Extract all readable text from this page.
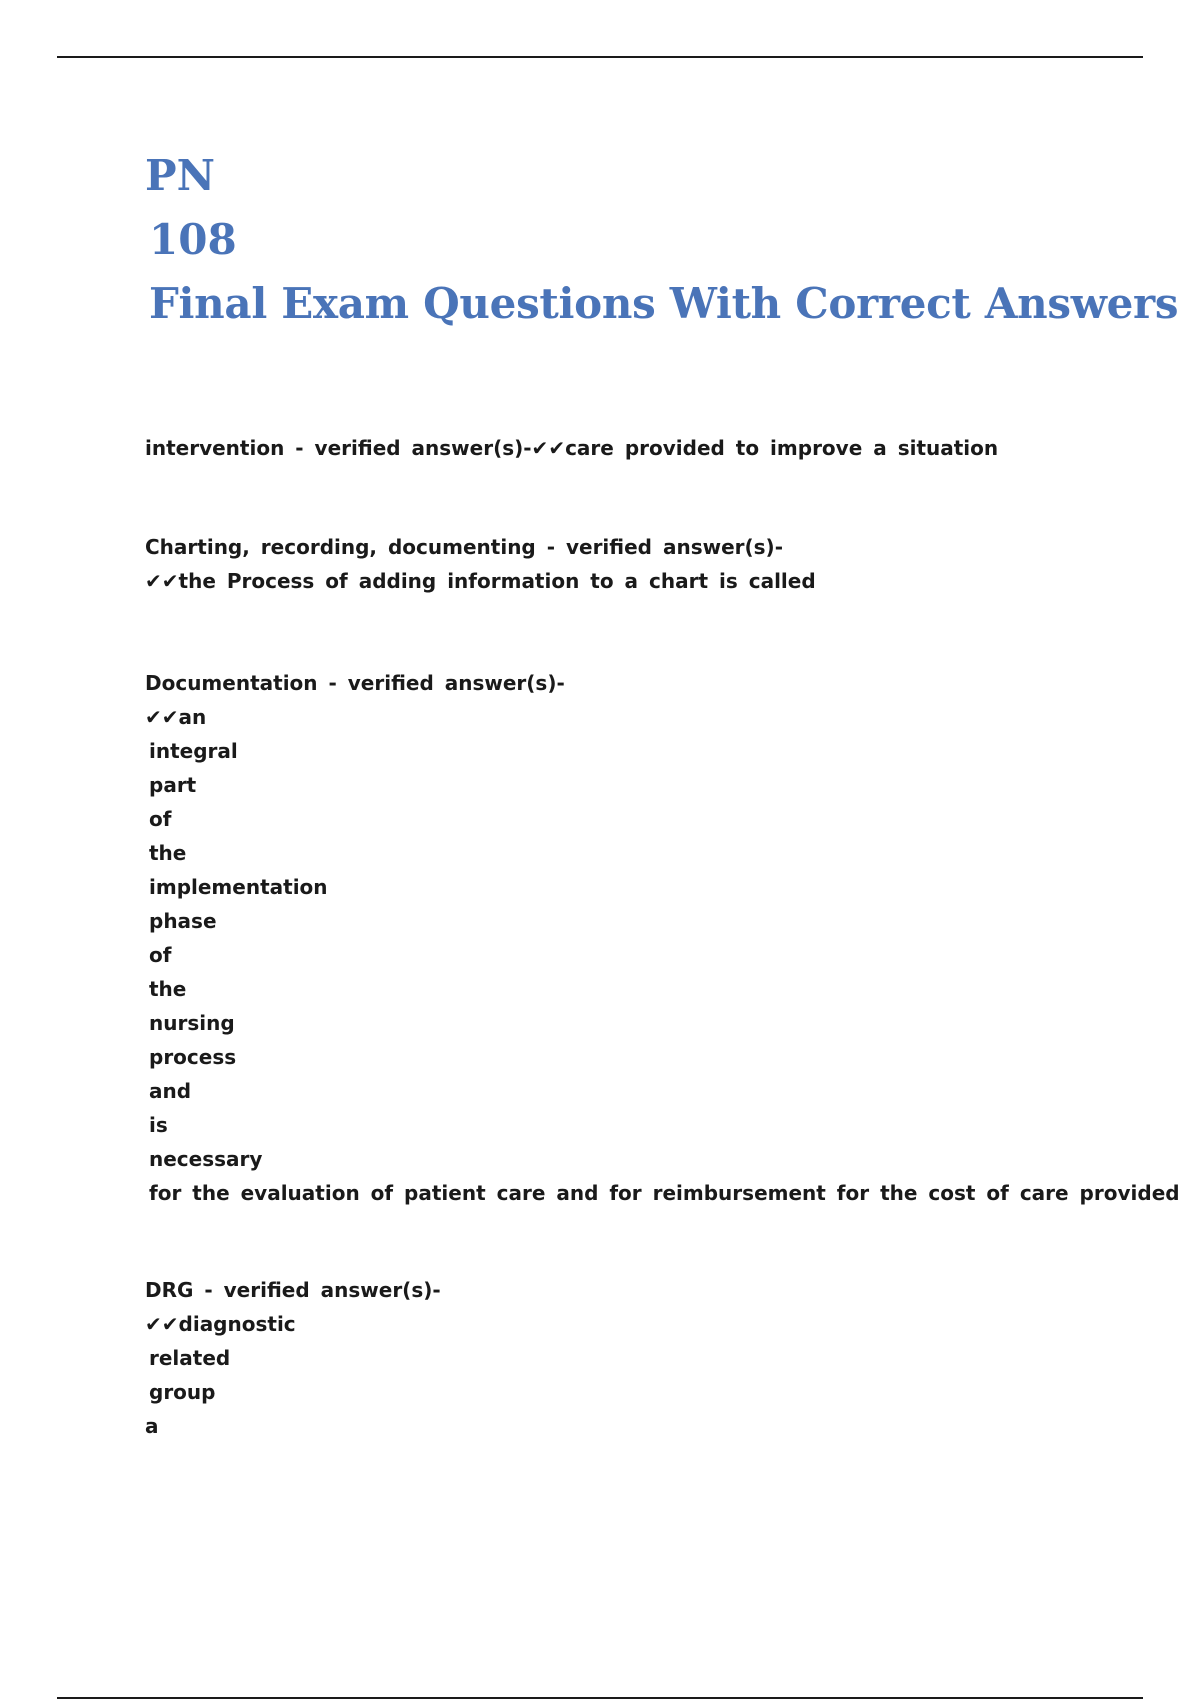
PN
108
Final Exam Questions With Correct Answers
intervention - verified answer(s)-✔✔care provided to improve a situation
Charting, recording, documenting - verified answer(s)-
✔✔the Process of adding information to a chart is called
Documentation - verified answer(s)-
✔✔an
integral
part
of
the
implementation
phase
of
the
nursing
process
and
is
necessary
for the evaluation of patient care and for reimbursement for the cost of care provided
DRG - verified answer(s)-
✔✔diagnostic
related
group
a
